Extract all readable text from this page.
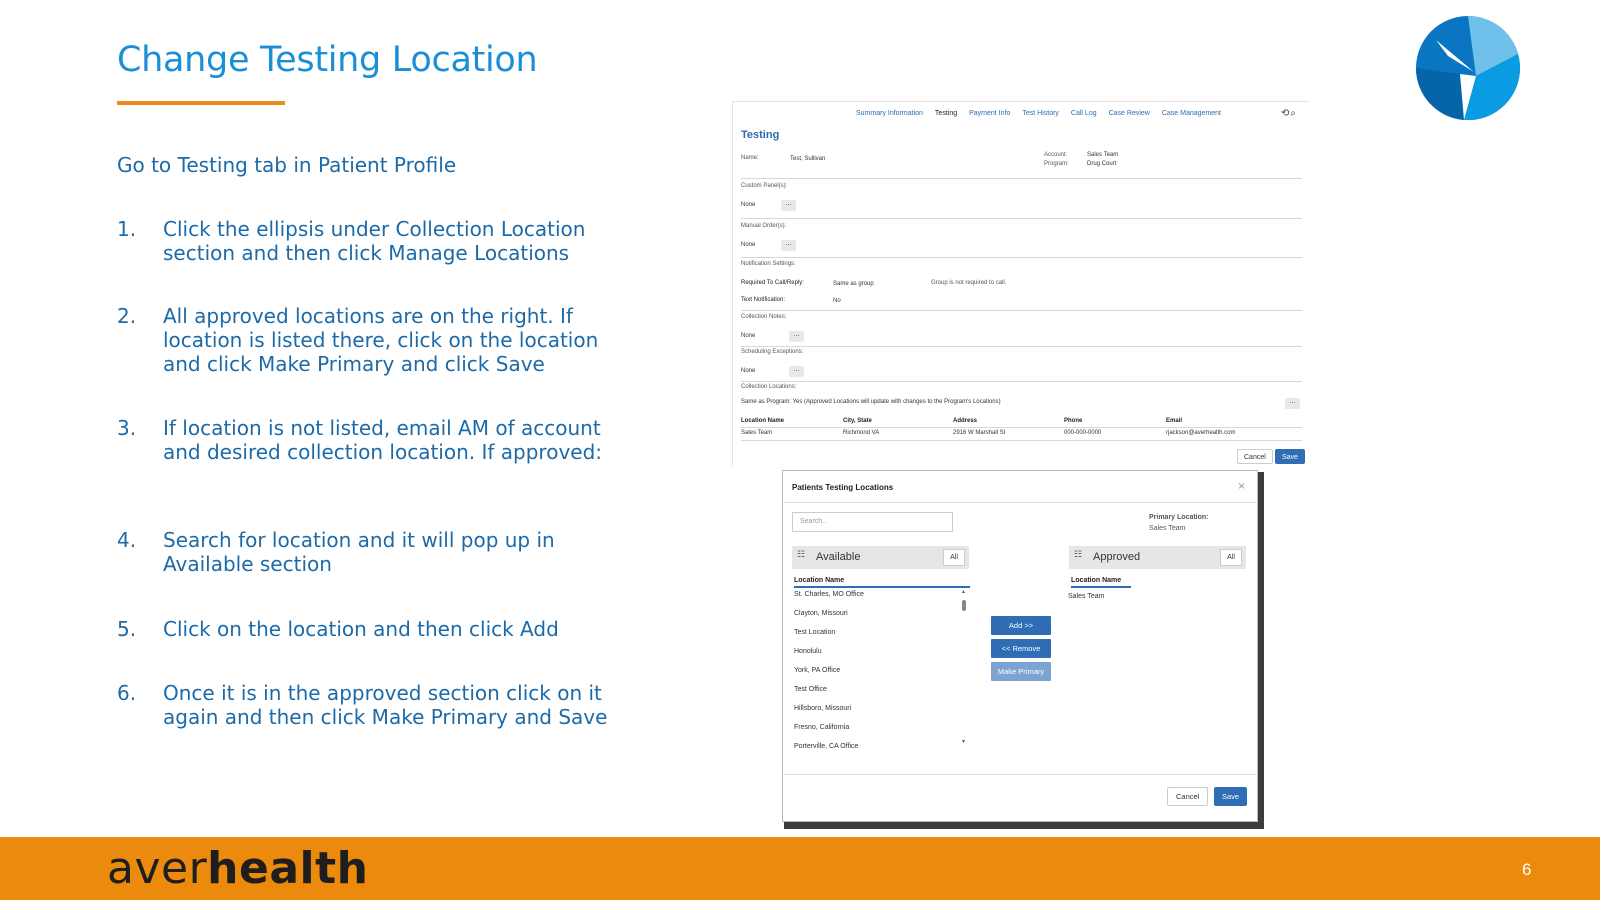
Change Testing Location
Go to Testing tab in Patient Profile
1. Click the ellipsis under Collection Location section and then click Manage Locations
2. All approved locations are on the right. If location is listed there, click on the location and click Make Primary and click Save
3. If location is not listed, email AM of account and desired collection location. If approved:
4. Search for location and it will pop up in Available section
5. Click on the location and then click Add
6. Once it is in the approved section click on it again and then click Make Primary and Save
Summary Information Testing Payment Info Test History Call Log Case Review Case Management	⟲⌕
Testing
Name:	Test, Sullivan
Account:	Sales Team
Program:	Drug Court
Custom Panel(s):
None	...
Manual Order(s):
None	...
Notification Settings:
Required To Call/Reply:	Same as group	Group is not required to call.
Text Notification:	No
Collection Notes:
None	...
Scheduling Exceptions:
None	...
Collection Locations:
Same as Program: Yes (Approved Locations will update with changes to the Program's Locations)	...
Location Name	City, State	Address	Phone	Email
Sales Team	Richmond VA	2916 W Marshall St	000-000-0000	rjackson@averhealth.com
Cancel	Save
Patients Testing Locations	×
Search..
Primary Location:
Sales Team
☷ Available	All	☷ Approved	All
Location Name	Location Name
St. Charles, MO Office
Clayton, Missouri
Test Location
Honolulu
York, PA Office
Test Office
Hillsboro, Missouri
Fresno, California
Porterville, CA Office
▲
▼
Add >>
<< Remove
Make Primary
Sales Team
Cancel	Save
averhealth	6
